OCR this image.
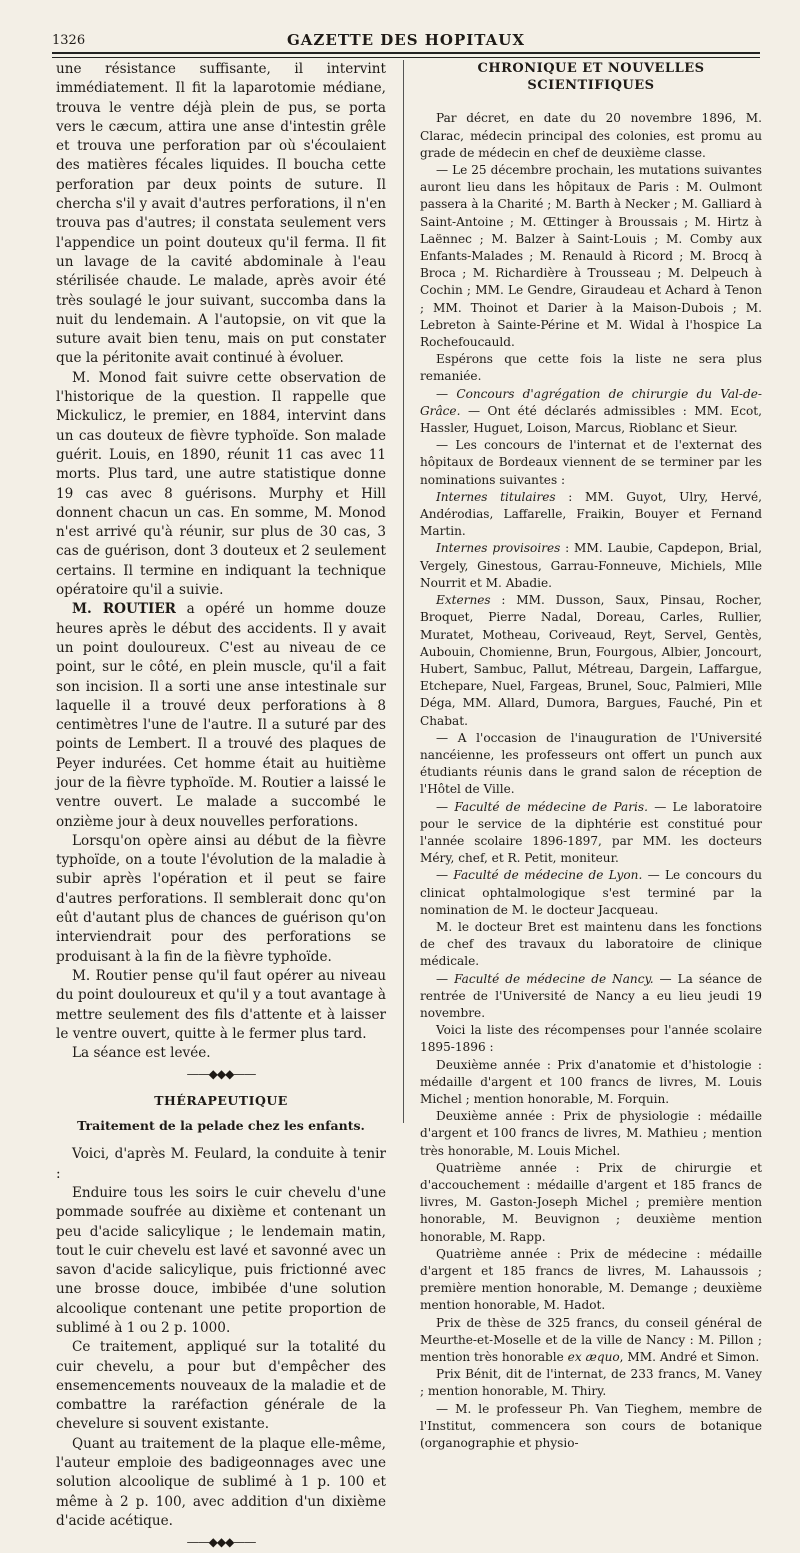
1326	GAZETTE DES HOPITAUX

une résistance suffisante, il intervint immédiatement. Il fit la laparotomie médiane, trouva le ventre déjà plein de pus, se porta vers le cæcum, attira une anse d'intestin grêle et trouva une perforation par où s'écoulaient des matières fécales liquides. Il boucha cette perforation par deux points de suture. Il chercha s'il y avait d'autres perforations, il n'en trouva pas d'autres; il constata seulement vers l'appendice un point douteux qu'il ferma. Il fit un lavage de la cavité abdominale à l'eau stérilisée chaude. Le malade, après avoir été très soulagé le jour suivant, succomba dans la nuit du lendemain. A l'autopsie, on vit que la suture avait bien tenu, mais on put constater que la péritonite avait continué à évoluer.

M. Monod fait suivre cette observation de l'historique de la question. Il rappelle que Mickulicz, le premier, en 1884, intervint dans un cas douteux de fièvre typhoïde. Son malade guérit. Louis, en 1890, réunit 11 cas avec 11 morts. Plus tard, une autre statistique donne 19 cas avec 8 guérisons. Murphy et Hill donnent chacun un cas. En somme, M. Monod n'est arrivé qu'à réunir, sur plus de 30 cas, 3 cas de guérison, dont 3 douteux et 2 seulement certains. Il termine en indiquant la technique opératoire qu'il a suivie.

M. ROUTIER a opéré un homme douze heures après le début des accidents. Il y avait un point douloureux. C'est au niveau de ce point, sur le côté, en plein muscle, qu'il a fait son incision. Il a sorti une anse intestinale sur laquelle il a trouvé deux perforations à 8 centimètres l'une de l'autre. Il a suturé par des points de Lembert. Il a trouvé des plaques de Peyer indurées. Cet homme était au huitième jour de la fièvre typhoïde. M. Routier a laissé le ventre ouvert. Le malade a succombé le onzième jour à deux nouvelles perforations.

Lorsqu'on opère ainsi au début de la fièvre typhoïde, on a toute l'évolution de la maladie à subir après l'opération et il peut se faire d'autres perforations. Il semblerait donc qu'on eût d'autant plus de chances de guérison qu'on interviendrait pour des perforations se produisant à la fin de la fièvre typhoïde.

M. Routier pense qu'il faut opérer au niveau du point douloureux et qu'il y a tout avantage à mettre seulement des fils d'attente et à laisser le ventre ouvert, quitte à le fermer plus tard.

La séance est levée.

——◆◆◆——
THÉRAPEUTIQUE
Traitement de la pelade chez les enfants.

Voici, d'après M. Feulard, la conduite à tenir :

Enduire tous les soirs le cuir chevelu d'une pommade soufrée au dixième et contenant un peu d'acide salicylique ; le lendemain matin, tout le cuir chevelu est lavé et savonné avec un savon d'acide salicylique, puis frictionné avec une brosse douce, imbibée d'une solution alcoolique contenant une petite proportion de sublimé à 1 ou 2 p. 1000.

Ce traitement, appliqué sur la totalité du cuir chevelu, a pour but d'empêcher des ensemencements nouveaux de la maladie et de combattre la raréfaction générale de la chevelure si souvent existante.

Quant au traitement de la plaque elle-même, l'auteur emploie des badigeonnages avec une solution alcoolique de sublimé à 1 p. 100 et même à 2 p. 100, avec addition d'un dixième d'acide acétique.

——◆◆◆——
CHRONIQUE ET NOUVELLES SCIENTIFIQUES

Par décret, en date du 20 novembre 1896, M. Clarac, médecin principal des colonies, est promu au grade de médecin en chef de deuxième classe.

— Le 25 décembre prochain, les mutations suivantes auront lieu dans les hôpitaux de Paris : M. Oulmont passera à la Charité ; M. Barth à Necker ; M. Galliard à Saint-Antoine ; M. Œttinger à Broussais ; M. Hirtz à Laënnec ; M. Balzer à Saint-Louis ; M. Comby aux Enfants-Malades ; M. Renauld à Ricord ; M. Brocq à Broca ; M. Richardière à Trousseau ; M. Delpeuch à Cochin ; MM. Le Gendre, Giraudeau et Achard à Tenon ; MM. Thoinot et Darier à la Maison-Dubois ; M. Lebreton à Sainte-Périne et M. Widal à l'hospice La Rochefoucauld.

Espérons que cette fois la liste ne sera plus remaniée.

— Concours d'agrégation de chirurgie du Val-de-Grâce. — Ont été déclarés admissibles : MM. Ecot, Hassler, Huguet, Loison, Marcus, Rioblanc et Sieur.

— Les concours de l'internat et de l'externat des hôpitaux de Bordeaux viennent de se terminer par les nominations suivantes :

Internes titulaires : MM. Guyot, Ulry, Hervé, Andérodias, Laffarelle, Fraikin, Bouyer et Fernand Martin.

Internes provisoires : MM. Laubie, Capdepon, Brial, Vergely, Ginestous, Garrau-Fonneuve, Michiels, Mlle Nourrit et M. Abadie.

Externes : MM. Dusson, Saux, Pinsau, Rocher, Broquet, Pierre Nadal, Doreau, Carles, Rullier, Muratet, Motheau, Coriveaud, Reyt, Servel, Gentès, Aubouin, Chomienne, Brun, Fourgous, Albier, Joncourt, Hubert, Sambuc, Pallut, Métreau, Dargein, Laffargue, Etchepare, Nuel, Fargeas, Brunel, Souc, Palmieri, Mlle Déga, MM. Allard, Dumora, Bargues, Fauché, Pin et Chabat.

— A l'occasion de l'inauguration de l'Université nancéienne, les professeurs ont offert un punch aux étudiants réunis dans le grand salon de réception de l'Hôtel de Ville.

— Faculté de médecine de Paris. — Le laboratoire pour le service de la diphtérie est constitué pour l'année scolaire 1896-1897, par MM. les docteurs Méry, chef, et R. Petit, moniteur.

— Faculté de médecine de Lyon. — Le concours du clinicat ophtalmologique s'est terminé par la nomination de M. le docteur Jacqueau.

M. le docteur Bret est maintenu dans les fonctions de chef des travaux du laboratoire de clinique médicale.

— Faculté de médecine de Nancy. — La séance de rentrée de l'Université de Nancy a eu lieu jeudi 19 novembre.

Voici la liste des récompenses pour l'année scolaire 1895-1896 :

Deuxième année : Prix d'anatomie et d'histologie : médaille d'argent et 100 francs de livres, M. Louis Michel ; mention honorable, M. Forquin.

Deuxième année : Prix de physiologie : médaille d'argent et 100 francs de livres, M. Mathieu ; mention très honorable, M. Louis Michel.

Quatrième année : Prix de chirurgie et d'accouchement : médaille d'argent et 185 francs de livres, M. Gaston-Joseph Michel ; première mention honorable, M. Beuvignon ; deuxième mention honorable, M. Rapp.

Quatrième année : Prix de médecine : médaille d'argent et 185 francs de livres, M. Lahaussois ; première mention honorable, M. Demange ; deuxième mention honorable, M. Hadot.

Prix de thèse de 325 francs, du conseil général de Meurthe-et-Moselle et de la ville de Nancy : M. Pillon ; mention très honorable ex æquo, MM. André et Simon.

Prix Bénit, dit de l'internat, de 233 francs, M. Vaney ; mention honorable, M. Thiry.

— M. le professeur Ph. Van Tieghem, membre de l'Institut, commencera son cours de botanique (organographie et physio-
